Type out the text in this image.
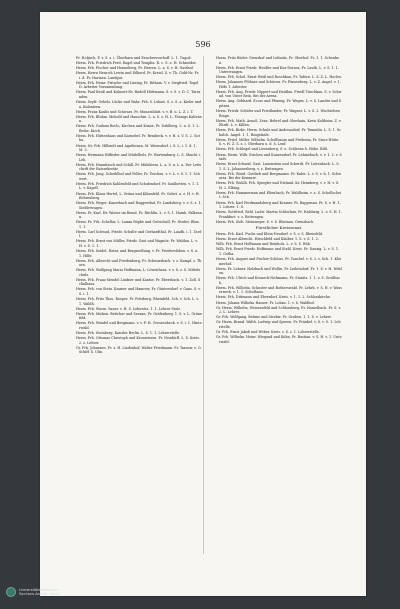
596

Fr. Holjirch, F. v. S. z. i. Überbarn und Eeuchersvorhoff. L. 1. Tugod.

Herm. Frh. Friedrich Ferd. Engel und Templin. R. c. S. e. H. Schneider.

Herm. Frh. Fischer und Henneberg, Fr. Herren. L. a. S. v. H. Gasthof.

Herm. Herrn Henrich Lewin und Eilberd, Fr. Kreisl. S. v. Th. Gold-Nr. Fr. i. d. Fr. Harmen. Landgut.

Herm. Frh. Heinr. Fritsche und Lüning, Fr. Ritham. V. v. Siegfried. Tegel D. Arbeiter Vorsammlung.

Herm. Paul Reuß und Kuhnert-Nr. Rudolf Hüttmann. S. v. S. v. D. C. Tarranden.

Herm. Seyfr. Gebelz. Lücke und Wahr. Frh. S. Lehmt. S. z. S. a. Kieler und a. Kulonieen.

Herm. Franz Kaulis und Schwarz. Fr. Monatsblatt. v. v. B. u. L. Z. i. T.

Herm. Frh. Bluhm. Mehold und Hauschin. L. a. S. z. H. L. Tönnigs Kaltenen.

Herm. Frh. Gudaux Reclo, Kirchen und Kunze, Fr. Dahlberg. L. a. S. 1. L. Reihe. Kirch.

Herm. Frh. Hüttenhaus und Karnebel. Fr. Rembeck. v. v. H. z. V. S. 2. Gotha.

Herm. Nr. Frh. Hillendt und Agathenau, M. Warnsdorf. i. S. L. i. 1. d. 1. M. 3.

Herm. Hermann Hilfieder und Müdelholz, Fr. Wartemburg. L. S. Shucht i. Leh.

Herm. Frh. Hannitzsch und Schill, Fr. Mühlstein. L. a. S. u. L. a. Der Leitschrift der Ratssekretär.

Herm. Frh. Jung. Scheiblhof und Feller, Fr. Teschen. v. v. L. v. S. 1. 1. Schwert.

Herm. Frh. Friedrich Kahlenfeld und Schulendorf, Fr. Saulhetten. v. 1. 1. L. v. Kapell.

Herm. Frh. Klaus Hertel, L. Grüna und Kilianfeld. Fr. Gebet. a. z. H. v. H. Röhrenberg.

Herm. Frh. Weger. Kunzebach und Roggenthal, Fr. Landsberg. v. v. S. z. 1. Siedlerwagen.

Herm. Fr. Karl. Hr. Winter im Rennl. Fr. Rüchlin. L. v. S. 1. Hainb. Falkenau.

Herm. Fr. Frh. Schellar, L. Lamm Röpke und Gottschall, Fr. Nieder. Rhm. 1. 1.

Herm. Carl Schwad, Friedr. Schulte und Gerhardthal, Fr. Landh. i. 1. Dorfl.

Herm. Frh. Ernst von Müller, Friedr. Gast und Wagnitz. Fr. Waldau. L. v. H. v. S. 1. 1.

Herm. Frh. Seidel. Heinr. und Bergsiedlung. v. Fr. Friedersleben. v. S. u. 1. Hilfe.

Herm. Frh. Albrecht und Friedenberg, Fr. Schwarzbach. v. z. Kumpf. z. Thorn.

Herm. Frh. Wolfgang Maria Hoffmann, L. Löwenhaus. v. v. S. z. S. Mittelschule.

Herm. Frh. Franz Mendel Lindner und Kantor, Fr. Ebersbach. v. 1. Zoll. Schulhaus.

Herm. Frh. von Stein. Kramer und Hamrow, Fr. Güntersdorf. v. Gans. S. v. S. i. 1.

Herm. Frh. Fritz Theo. Roeper. Fr. Fritzberg. Rheinfeld. Sch. v. Sch. L. v. 1. Waldh.

Herm. Frh. Wurm. Sauer. v. H. S. Lebowitz. 1. 1. Lehrer Stolz.

Herm. Frh. Mirken. Bettcher und Seesan, Fr. Gräfenberg. 1. S. v. L. Grünefeld.

Herm. Frh. Wendel und Bergmann. v. v. F. H. Grossenbeck. v. S. i. 1. Hinterwald.

Herm. Frh. Steinberg. Kanzler Berlin. L. S. 1. 1. Lehrerstelle.

Herm. Frh. Ottomar Christoph und Kronwiesen. Fr. Neudörfl. L. S. Kreis. 2. z. Lehrer.

Gr. Frh. Johannes. Fr. z. H. Lindenhof, Walter Friedmann. Fr. Tarnow. v. O. Schiff. S. Ulm.

Herm. Fritz Rüder. Grenzhof und Leibnitz, Fr. Oberhof. Fr. 1. 1. Schenken.

Herm. Frh. Ernst Friedr. Heidler und Kus-Dornoz, Fr. Lauth. L. v. S. 1. 1. Unterwangen.

Herm. Frh. Schel. Ernst Weiß und Roschbau, Fr. Tafern. L. S. Z. L. Hochw.

Herm. Johannes Plöhner und Schüren. Fr. Pinnenberg. L. v. Z. Angel. v. 1. Höfe 1. Arbeiter.

Herm. Frh. Aug. Friedr. Nippert und Heidlau. Friedl Tirschkau. S. v. Schwad. von Unter Rein. Bei der Arena.

Herm. Aug. Gebhard. Eccar und Pfennig, Fr. Wegen. L. v. S. Landes und Spitzen.

Herm. Friedr. Schüler und Friedlander, Fr. Wagner. L. v. S. 2. Wachtelsen Ringe.

Herm. Frh. Math. Arnoß. Zenz. Behrel und Oberhain, Kreis Koltheim. Z. v. Ehrdt. L. v. Kilfen.

Herm. Frh. Birke. Herm. Schulz und Andreasdorf, Fr. Temmlin. L. S. 1. Schulch. Angel. 1. 1. Ringelzafe.

Herm. Fritzl. Miller. Wilhelm. Schellbaum und Freiheim, Fr. Sturz-Hütte. S. v. H. Z. S. z. i. Oberbarn u. d. S. Lenf.

Herm. Frh. Schlegel und Löwenberg. S. e. Schlesen h. Höhe. Bild.

Herm. Herm. Wilh. Eischen und Kunzendorf, Fr. Lehmebach. v. v. 1. 2. v. Stadt.

Herm. Ernst Schmid. Gast. Lauenstein und Scherdt, Fr. Leitenbach. L. S. 1. S. L. Johannesberg. v. z. Reitwagen.

Herm. Frh. Wend. Gottlieb und Bergmanns. Fr. Kaler. L. v. S. v. h. 1. Schwarza. Bei der Kemmer.

Herm. Frh. Wuhlh. Frh. Spiegler und Nieland. Kr. Heimberg. v. v. H. v. S. H. 2. Elbing.

Herm. Frh. Hammerman und Eltenbach, Fr. Waldheim. v. z. S. Schellscheit. Sch.

Herm. Frh. Karl Ferdinandsberg und Kramer. Fr. Rappenau. Fr. S. v. H. 1. 1. Lehrer. 1. S.

Herm. Gottfried. Rehl. Ludw. Martin Schlorlain, Fr. Halsberg. L. v. S. H. 1. Frankfurt. v. z. Reitwagen.

Herm. Frh. Sieb. Steinmeyer. S. v. S. Rheinau. Grenzbach.

Fürstlicher Kreissenat.

Herm. Frh. Karl. Fuchs und Klein-Neudorf. v. S. v. S. Rheinfeld.

Herm. Ernst Albrecht. Hirschfeld und Klaiber. 1. S. v. S. 1. 2.

Wilh. Frh. Ernst Hoffmann und Reinholz. L. v. S. S. Rüb.

Wilh. Frh. Ernst Friedr. Hoffmann und Stahl. Kreis. Fr. Danzig. L. v. S. 1. 1. Gotha.

Herm. Frh. August und Fischer-Schloss. Fr. Tauchel. v. S. 2. v. Sch. 1. Kleimerhof.

Herm. Fr. Lehner. Holzbach und Wollin. Fr. Liebitzdorf. Fr. 1. S. v. H. Wehlen.

Herm. Frh. Ulrich und Kroneck-Nickmann, Fr. Stanitz. 1. 1. v. S. Großbach.

Herm. Frh. Wilhelm. Schuster und Rotherswald. Fr. Lehrh. v. S. H. v. Wasserwerk. v. 1. 1. Schulhaus.

Herm. Frh. Dittmann und Ebersdorf. Kreis. v. 1. 1. 2. Schlosskirche.

Herm. Johann Wilhelm Hauser. Fr. Lobau. 1. v. S. Waldhof.

Gr. Herm. Wilhelm. Weissenfeld und Schlossberg. Fr. Hasselbach. Fr. S. v. 2. L. Lehrer.

Gr. Frh. Wolfgang. Rehme und Strebiz. Fr. Graben. 1. 1. S. v. Lehrer.

Gr. Herm. Brand. Walth. Ludwig und Spreen. Fr. Fränkel. v. S. v. S. 1. Lehrstelle.

Gr. Frh. Ernst Jakob und Weber. Kreis. v. S. z. 1. Lehrerstelle.

Gr. Frh. Wilhelm. Heinr. Wiegand und Kühn, Fr. Bastian. v. S. H. v. 1. Unterwald.

Universitätsbibliothek
Sachsen-Anhalt · Halle
